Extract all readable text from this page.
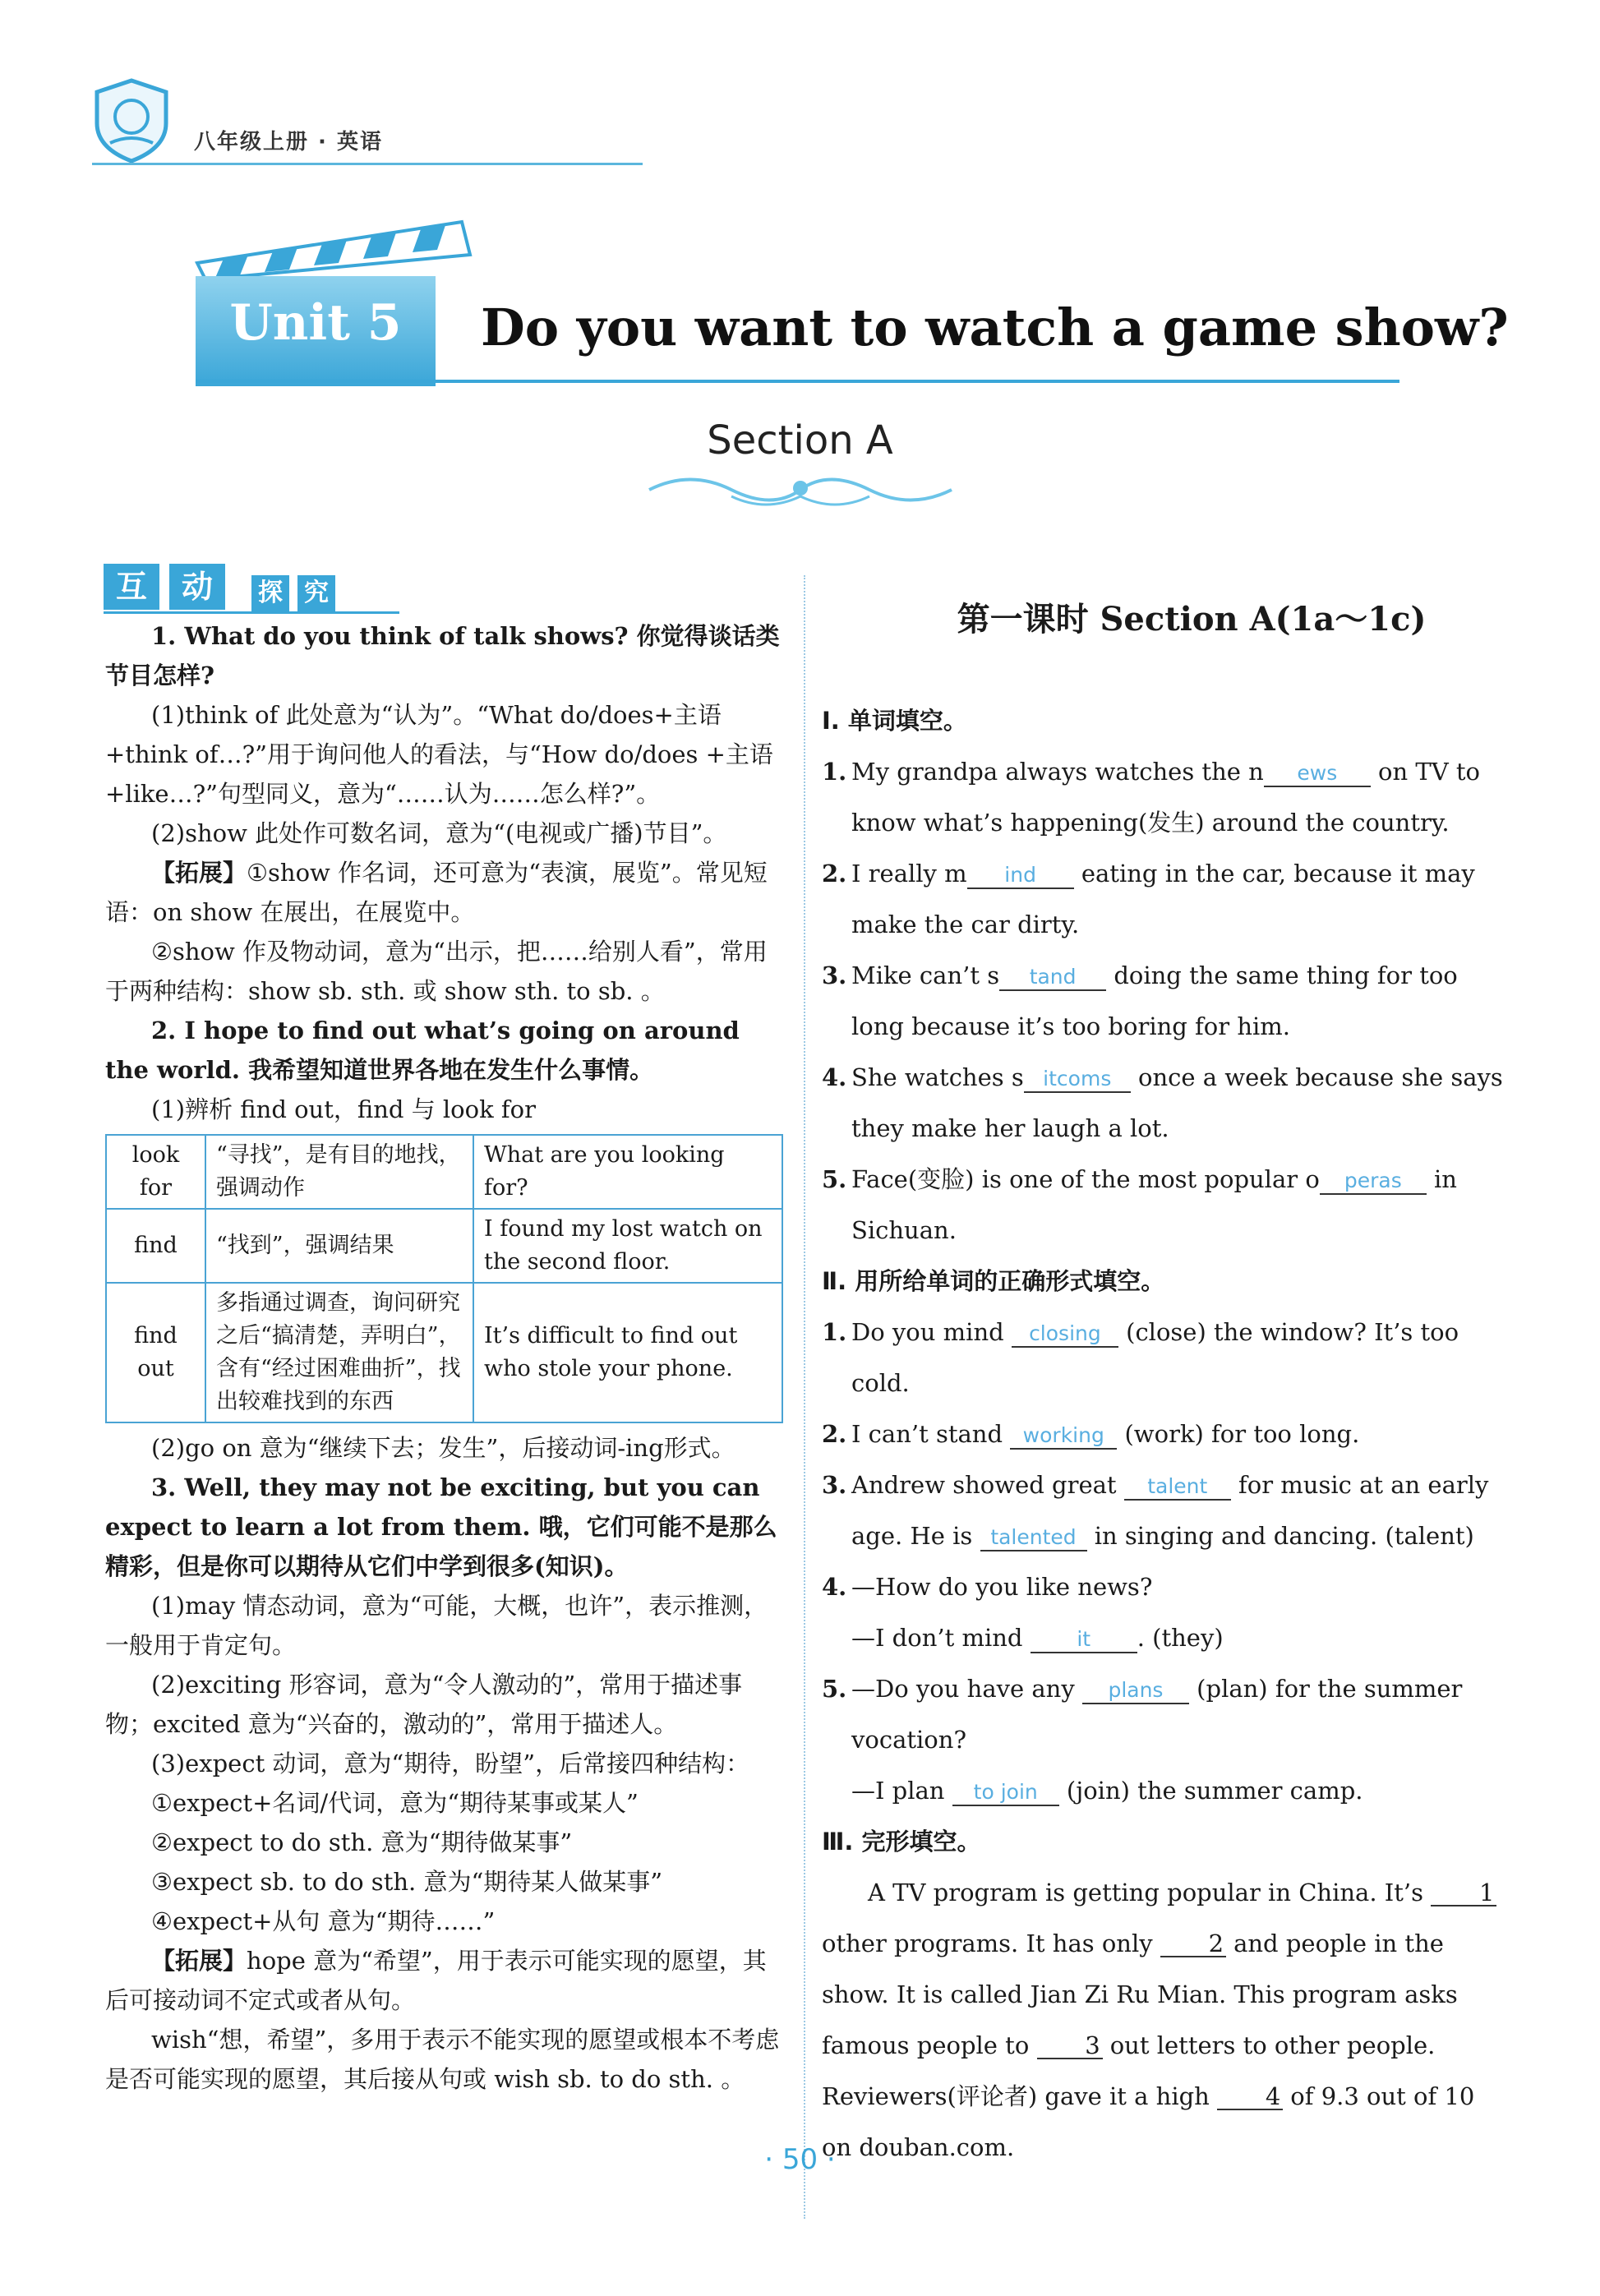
八年级上册 · 英语
Unit 5	Do you want to watch a game show?
Section A
互	动	探 究

1. What do you think of talk shows? 你觉得谈话类节目怎样?

(1)think of 此处意为“认为”。“What do/does+主语+think of…?”用于询问他人的看法，与“How do/does +主语+like…?”句型同义，意为“……认为……怎么样?”。

(2)show 此处作可数名词，意为“(电视或广播)节目”。

【拓展】①show 作名词，还可意为“表演，展览”。常见短语：on show 在展出，在展览中。

②show 作及物动词，意为“出示，把……给别人看”，常用于两种结构：show sb. sth. 或 show sth. to sb. 。

2. I hope to find out what’s going on around the world. 我希望知道世界各地在发生什么事情。

(1)辨析 find out，find 与 look for

look for	“寻找”，是有目的地找，强调动作	What are you looking for?
find	“找到”，强调结果	I found my lost watch on the second floor.
find out	多指通过调查，询问研究之后“搞清楚，弄明白”，含有“经过困难曲折”，找出较难找到的东西	It’s difficult to find out who stole your phone.

(2)go on 意为“继续下去；发生”，后接动词-ing形式。

3. Well, they may not be exciting, but you can expect to learn a lot from them. 哦，它们可能不是那么精彩，但是你可以期待从它们中学到很多(知识)。

(1)may 情态动词，意为“可能，大概，也许”，表示推测，一般用于肯定句。

(2)exciting 形容词，意为“令人激动的”，常用于描述事物；excited 意为“兴奋的，激动的”，常用于描述人。

(3)expect 动词，意为“期待，盼望”，后常接四种结构：

①expect+名词/代词，意为“期待某事或某人”

②expect to do sth. 意为“期待做某事”

③expect sb. to do sth. 意为“期待某人做某事”

④expect+从句 意为“期待……”

【拓展】hope 意为“希望”，用于表示可能实现的愿望，其后可接动词不定式或者从句。

wish“想，希望”，多用于表示不能实现的愿望或根本不考虑是否可能实现的愿望，其后接从句或 wish sb. to do sth. 。

第一课时 Section A(1a～1c)

Ⅰ. 单词填空。

1. My grandpa always watches the n ews on TV to know what’s happening(发生) around the country.

2. I really m ind eating in the car, because it may make the car dirty.

3. Mike can’t s tand doing the same thing for too long because it’s too boring for him.

4. She watches s itcoms once a week because she says they make her laugh a lot.

5. Face(变脸) is one of the most popular o peras in Sichuan.

Ⅱ. 用所给单词的正确形式填空。

1. Do you mind closing (close) the window? It’s too cold.

2. I can’t stand working (work) for too long.

3. Andrew showed great talent for music at an early age. He is talented in singing and dancing. (talent)

4. —How do you like news?

—I don’t mind it . (they)

5. —Do you have any plans (plan) for the summer vocation?

—I plan to join (join) the summer camp.

Ⅲ. 完形填空。

A TV program is getting popular in China. It’s 1 other programs. It has only 2 and people in the show. It is called Jian Zi Ru Mian. This program asks famous people to 3 out letters to other people. Reviewers(评论者) gave it a high 4 of 9.3 out of 10 on douban.com.

· 50 ·
